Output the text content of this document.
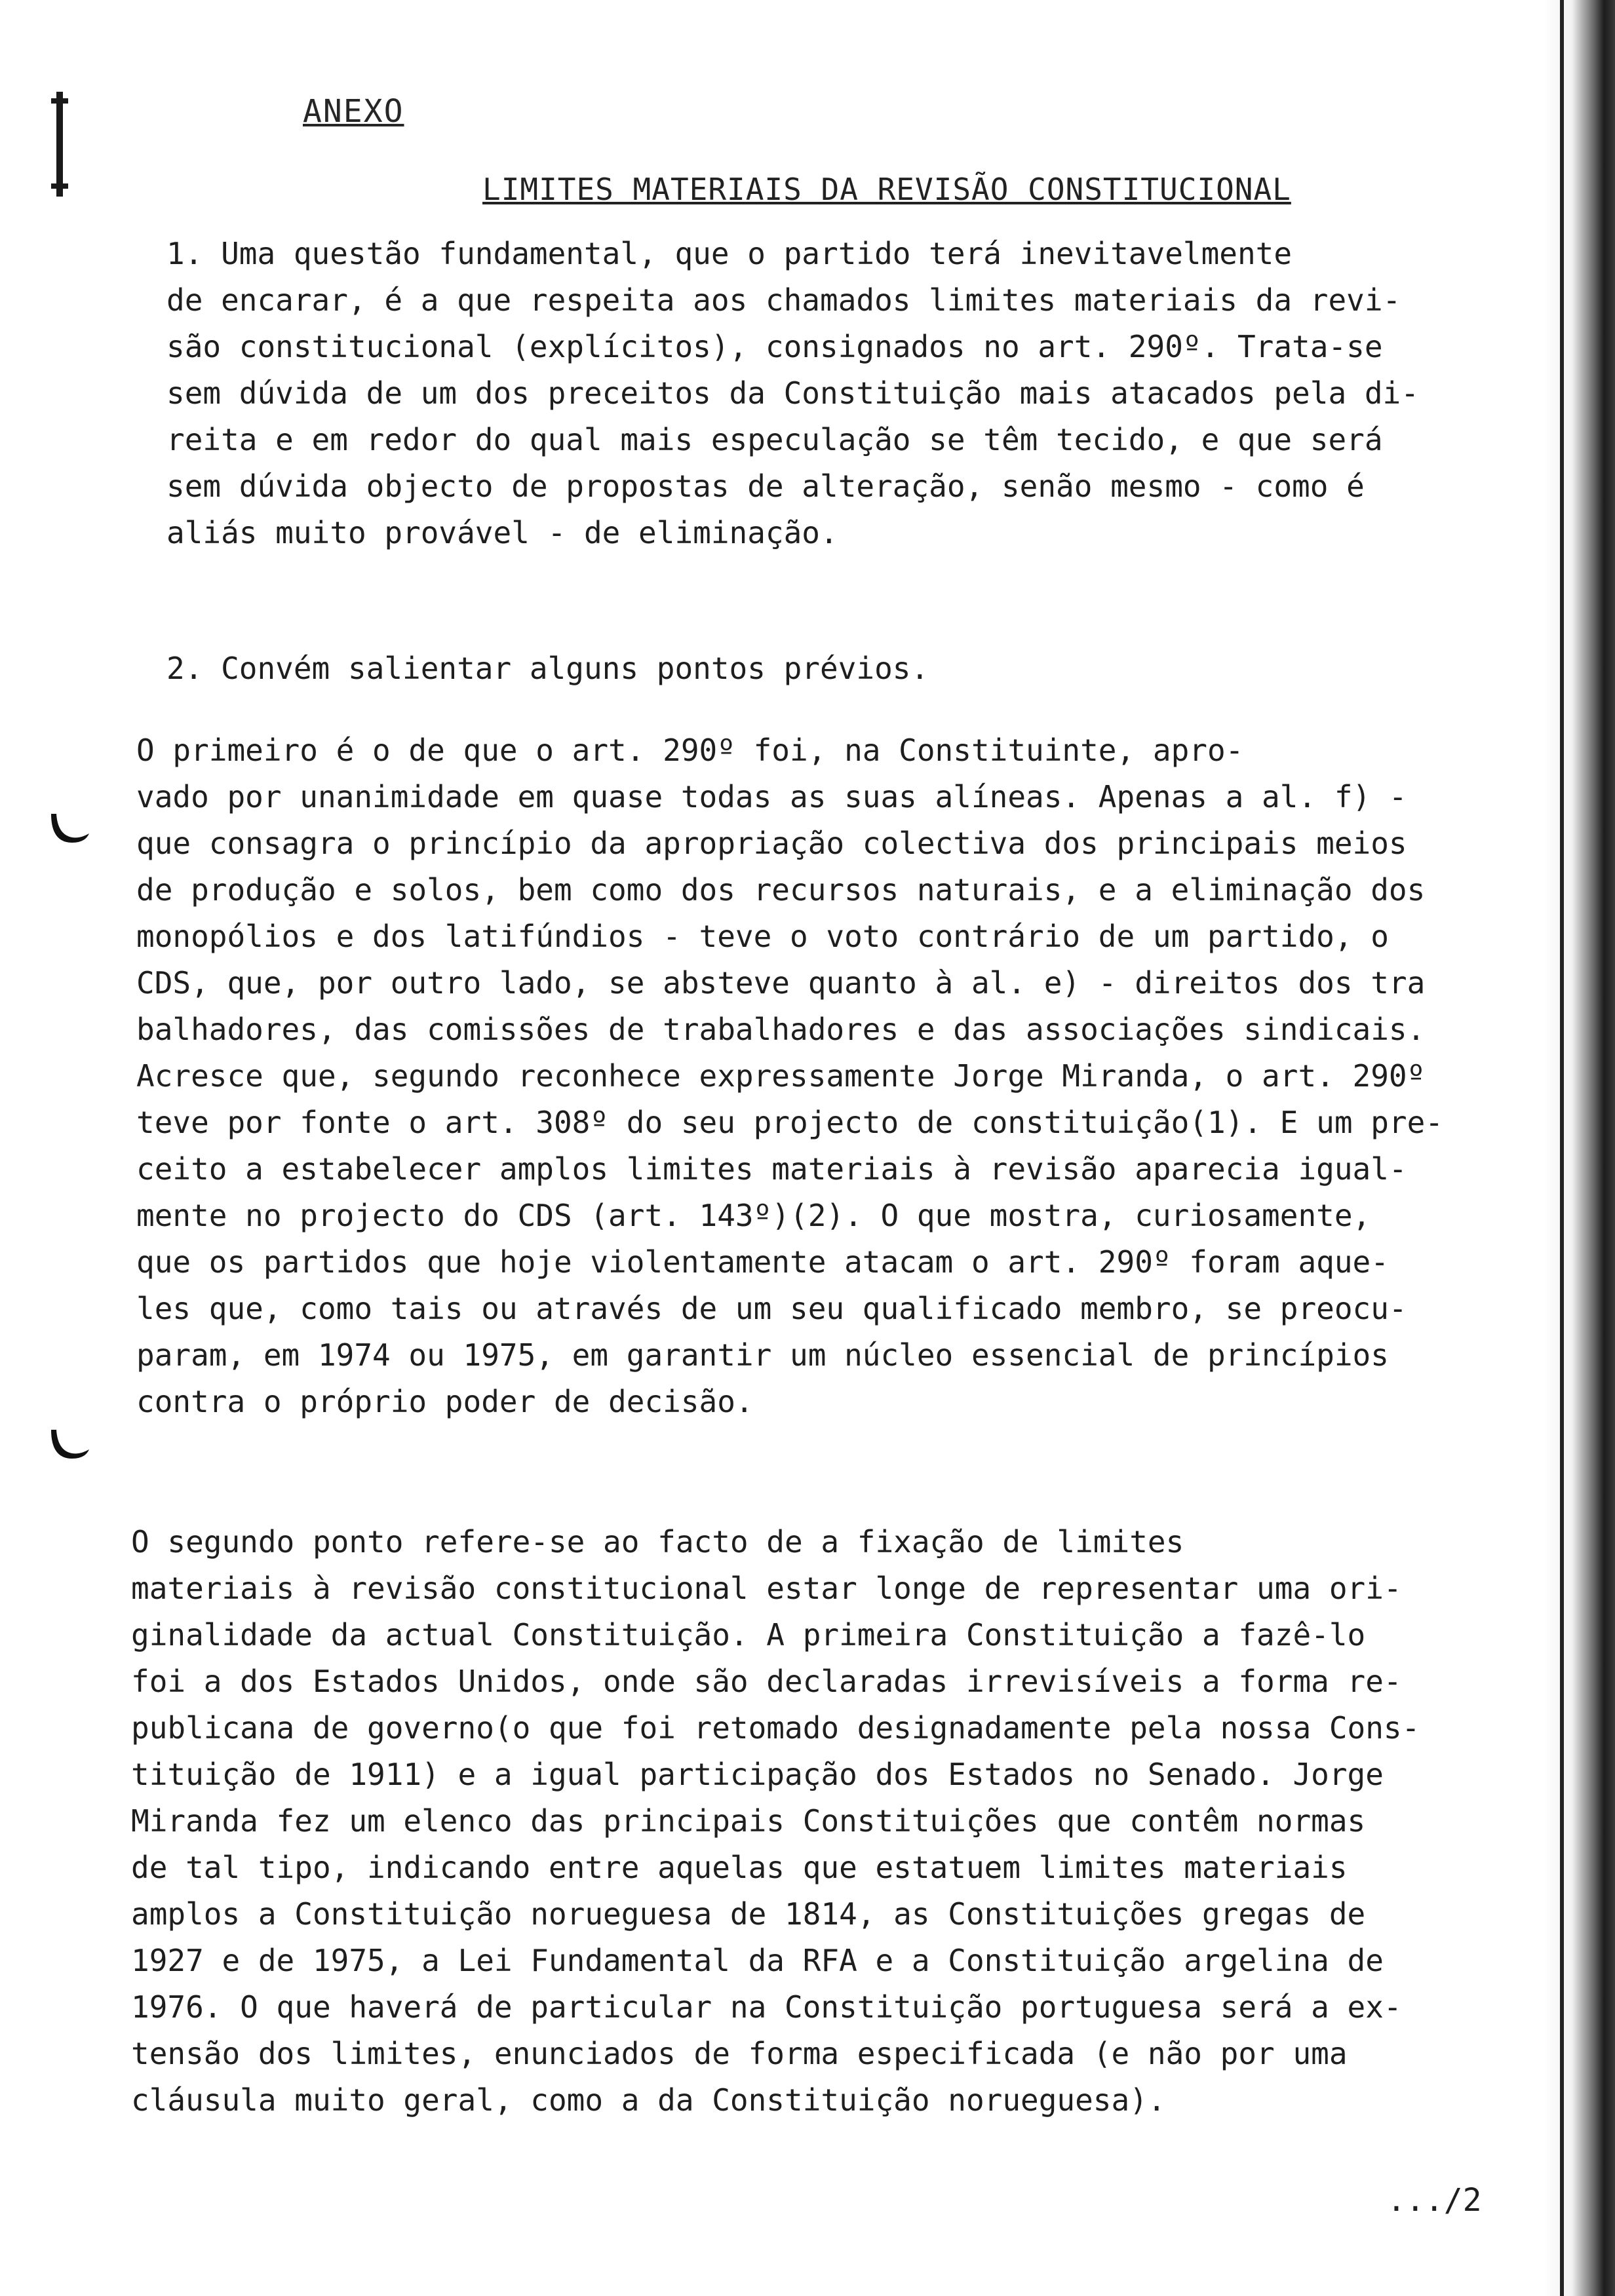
ANEXO
LIMITES MATERIAIS DA REVISÃO CONSTITUCIONAL
1. Uma questão fundamental, que o partido terá inevitavelmente
de encarar, é a que respeita aos chamados limites materiais da revi-
são constitucional (explícitos), consignados no art. 290º. Trata-se
sem dúvida de um dos preceitos da Constituição mais atacados pela di-
reita e em redor do qual mais especulação se têm tecido, e que será
sem dúvida objecto de propostas de alteração, senão mesmo - como é
aliás muito provável - de eliminação.
2. Convém salientar alguns pontos prévios.
O primeiro é o de que o art. 290º foi, na Constituinte, apro-
vado por unanimidade em quase todas as suas alíneas. Apenas a al. f) -
que consagra o princípio da apropriação colectiva dos principais meios
de produção e solos, bem como dos recursos naturais, e a eliminação dos
monopólios e dos latifúndios - teve o voto contrário de um partido, o
CDS, que, por outro lado, se absteve quanto à al. e) - direitos dos tra
balhadores, das comissões de trabalhadores e das associações sindicais.
Acresce que, segundo reconhece expressamente Jorge Miranda, o art. 290º
teve por fonte o art. 308º do seu projecto de constituição(1). E um pre-
ceito a estabelecer amplos limites materiais à revisão aparecia igual-
mente no projecto do CDS (art. 143º)(2). O que mostra, curiosamente,
que os partidos que hoje violentamente atacam o art. 290º foram aque-
les que, como tais ou através de um seu qualificado membro, se preocu-
param, em 1974 ou 1975, em garantir um núcleo essencial de princípios
contra o próprio poder de decisão.
O segundo ponto refere-se ao facto de a fixação de limites
materiais à revisão constitucional estar longe de representar uma ori-
ginalidade da actual Constituição. A primeira Constituição a fazê-lo
foi a dos Estados Unidos, onde são declaradas irrevisíveis a forma re-
publicana de governo(o que foi retomado designadamente pela nossa Cons-
tituição de 1911) e a igual participação dos Estados no Senado. Jorge
Miranda fez um elenco das principais Constituições que contêm normas
de tal tipo, indicando entre aquelas que estatuem limites materiais
amplos a Constituição norueguesa de 1814, as Constituições gregas de
1927 e de 1975, a Lei Fundamental da RFA e a Constituição argelina de
1976. O que haverá de particular na Constituição portuguesa será a ex-
tensão dos limites, enunciados de forma especificada (e não por uma
cláusula muito geral, como a da Constituição norueguesa).
.../2
